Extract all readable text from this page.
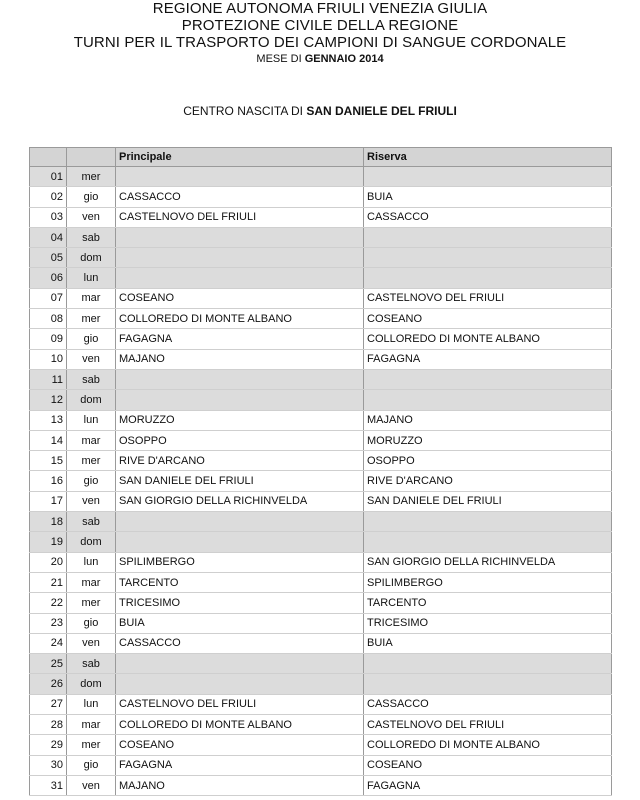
REGIONE AUTONOMA FRIULI VENEZIA GIULIA
PROTEZIONE CIVILE DELLA REGIONE
TURNI PER IL TRASPORTO DEI CAMPIONI DI SANGUE CORDONALE
MESE DI GENNAIO 2014
CENTRO NASCITA DI SAN DANIELE DEL FRIULI
		Principale	Riserva
01	mer		
02	gio	CASSACCO	BUIA
03	ven	CASTELNOVO DEL FRIULI	CASSACCO
04	sab		
05	dom		
06	lun		
07	mar	COSEANO	CASTELNOVO DEL FRIULI
08	mer	COLLOREDO DI MONTE ALBANO	COSEANO
09	gio	FAGAGNA	COLLOREDO DI MONTE ALBANO
10	ven	MAJANO	FAGAGNA
11	sab		
12	dom		
13	lun	MORUZZO	MAJANO
14	mar	OSOPPO	MORUZZO
15	mer	RIVE D'ARCANO	OSOPPO
16	gio	SAN DANIELE DEL FRIULI	RIVE D'ARCANO
17	ven	SAN GIORGIO DELLA RICHINVELDA	SAN DANIELE DEL FRIULI
18	sab		
19	dom		
20	lun	SPILIMBERGO	SAN GIORGIO DELLA RICHINVELDA
21	mar	TARCENTO	SPILIMBERGO
22	mer	TRICESIMO	TARCENTO
23	gio	BUIA	TRICESIMO
24	ven	CASSACCO	BUIA
25	sab		
26	dom		
27	lun	CASTELNOVO DEL FRIULI	CASSACCO
28	mar	COLLOREDO DI MONTE ALBANO	CASTELNOVO DEL FRIULI
29	mer	COSEANO	COLLOREDO DI MONTE ALBANO
30	gio	FAGAGNA	COSEANO
31	ven	MAJANO	FAGAGNA
